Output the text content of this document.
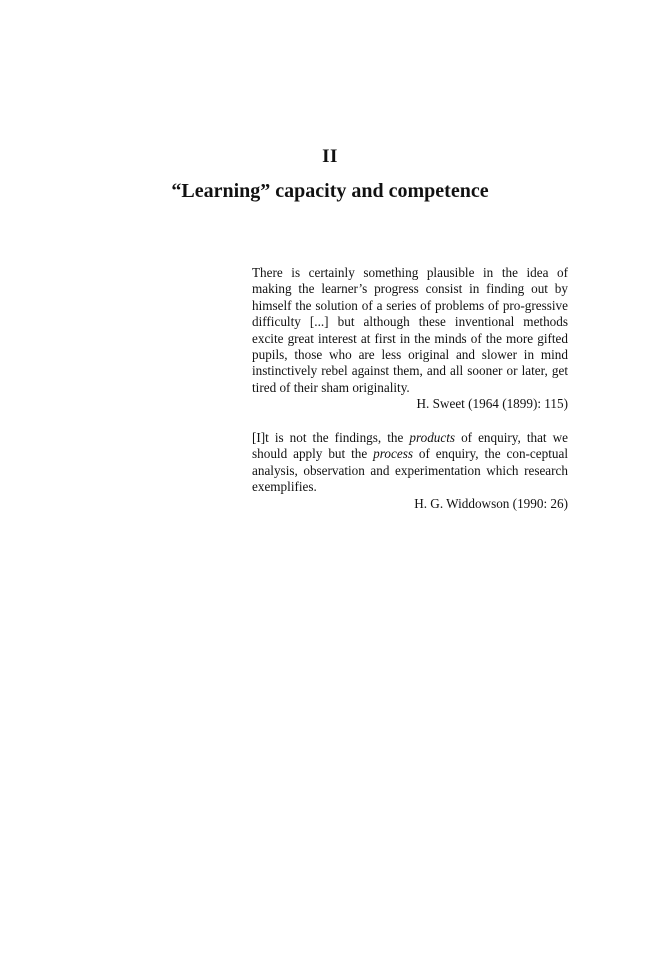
II
“Learning” capacity and competence

There is certainly something plausible in the idea of making the learner’s progress consist in finding out by himself the solution of a series of problems of pro-gressive difficulty [...] but although these inventional methods excite great interest at first in the minds of the more gifted pupils, those who are less original and slower in mind instinctively rebel against them, and all sooner or later, get tired of their sham originality.

H. Sweet (1964 (1899): 115)

[I]t is not the findings, the products of enquiry, that we should apply but the process of enquiry, the con-ceptual analysis, observation and experimentation which research exemplifies.

H. G. Widdowson (1990: 26)
